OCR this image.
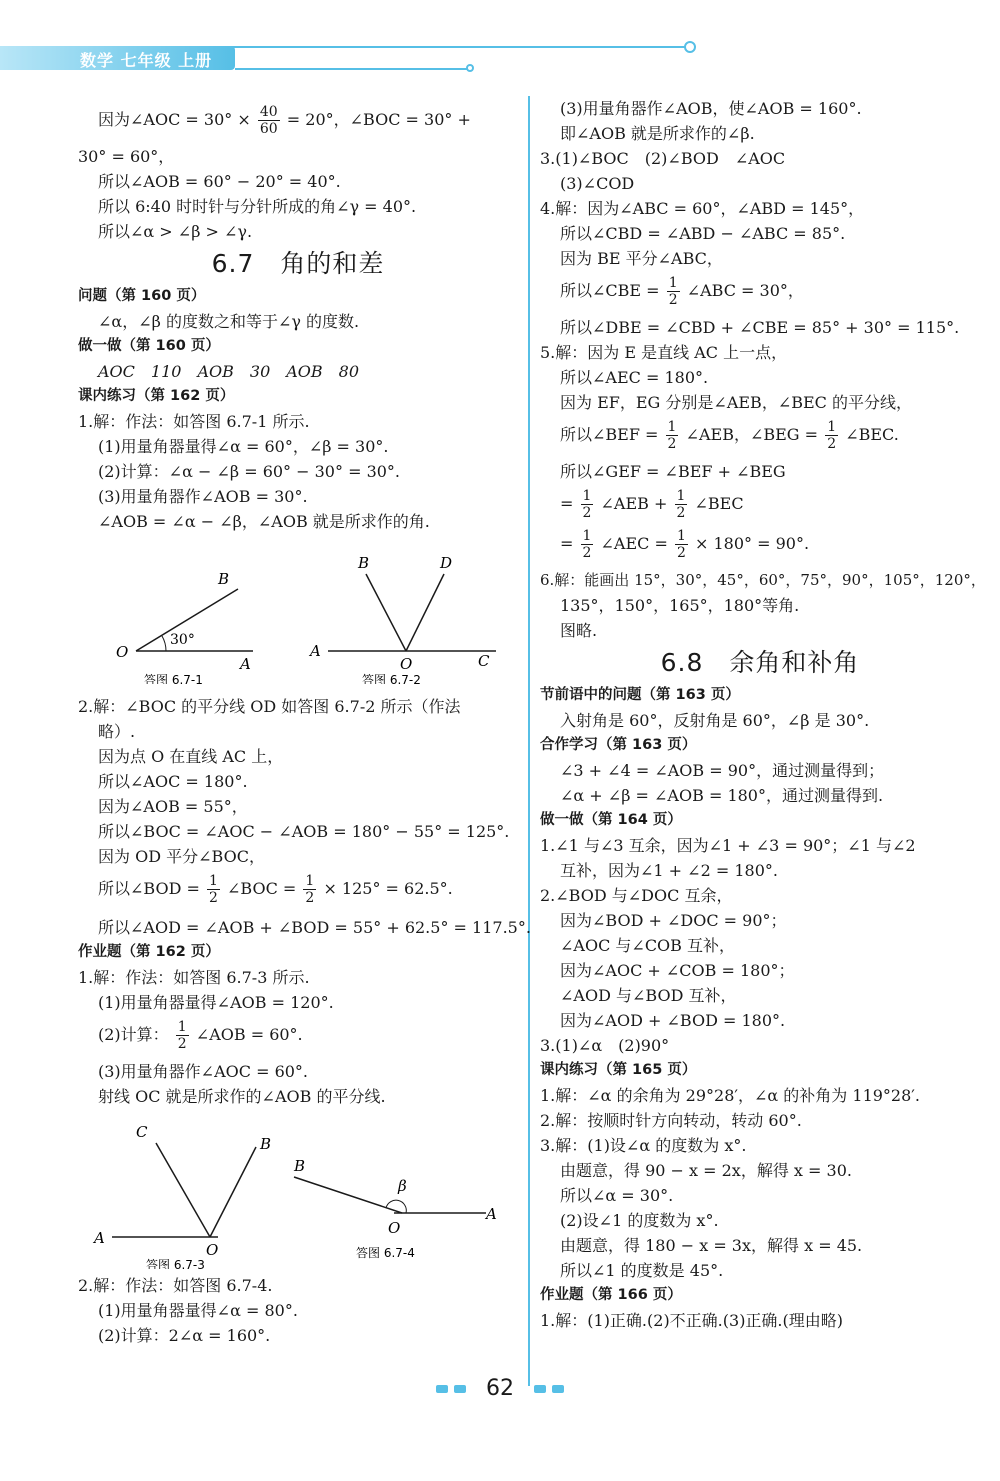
数学 七年级 上册
因为∠AOC = $30^\circ \times \frac{40}{60} = 20^\circ$，∠BOC = 30° +
30° = 60°，
所以∠AOB = 60° − 20° = 40°.
所以 6:40 时时针与分针所成的角∠γ = 40°.
所以∠α > ∠β > ∠γ.
6.7 角的和差
问题（第 160 页）
∠α，∠β 的度数之和等于∠γ 的度数.
做一做（第 160 页）
AOC　110　AOB　30　AOB　80
课内练习（第 162 页）
1.解：作法：如答图 6.7-1 所示.
(1)用量角器量得∠α = 60°，∠β = 30°.
(2)计算：∠α − ∠β = 60° − 30° = 30°.
(3)用量角器作∠AOB = 30°.
∠AOB = ∠α − ∠β，∠AOB 就是所求作的角.
B
O
A
30°
答图 6.7-1
B	D
A
O	C
答图 6.7-2
2.解：∠BOC 的平分线 OD 如答图 6.7-2 所示（作法
略）.
因为点 O 在直线 AC 上，
所以∠AOC = 180°.
因为∠AOB = 55°，
所以∠BOC = ∠AOC − ∠AOB = 180° − 55° = 125°.
因为 OD 平分∠BOC，
所以∠BOD = $\frac{1}{2}$ ∠BOC = $\frac{1}{2} \times 125^\circ = 62.5^\circ$.
所以∠AOD = ∠AOB + ∠BOD = 55° + 62.5° = 117.5°.
作业题（第 162 页）
1.解：作法：如答图 6.7-3 所示.
(1)用量角器量得∠AOB = 120°.
(2)计算： $\frac{1}{2}$ ∠AOB = 60°.
(3)用量角器作∠AOC = 60°.
射线 OC 就是所求作的∠AOB 的平分线.
C
B
A
O
答图 6.7-3
B
β
O
A
答图 6.7-4
2.解：作法：如答图 6.7-4.
(1)用量角器量得∠α = 80°.
(2)计算：2∠α = 160°.
(3)用量角器作∠AOB，使∠AOB = 160°.
即∠AOB 就是所求作的∠β.
3.(1)∠BOC　(2)∠BOD　∠AOC
(3)∠COD
4.解：因为∠ABC = 60°，∠ABD = 145°，
所以∠CBD = ∠ABD − ∠ABC = 85°.
因为 BE 平分∠ABC，
所以∠CBE = $\frac{1}{2}$ ∠ABC = 30°，
所以∠DBE = ∠CBD + ∠CBE = 85° + 30° = 115°.
5.解：因为 E 是直线 AC 上一点，
所以∠AEC = 180°.
因为 EF，EG 分别是∠AEB，∠BEC 的平分线，
所以∠BEF = $\frac{1}{2}$ ∠AEB，∠BEG = $\frac{1}{2}$ ∠BEC.
所以∠GEF = ∠BEF + ∠BEG
= $\frac{1}{2}$ ∠AEB + $\frac{1}{2}$ ∠BEC
= $\frac{1}{2}$ ∠AEC = $\frac{1}{2} \times 180^\circ = 90^\circ$.
6.解：能画出 15°，30°，45°，60°，75°，90°，105°，120°，
135°，150°，165°，180°等角.
图略.
6.8 余角和补角
节前语中的问题（第 163 页）
入射角是 60°，反射角是 60°，∠β 是 30°.
合作学习（第 163 页）
∠3 + ∠4 = ∠AOB = 90°，通过测量得到；
∠α + ∠β = ∠AOB = 180°，通过测量得到.
做一做（第 164 页）
1.∠1 与∠3 互余，因为∠1 + ∠3 = 90°；∠1 与∠2
互补，因为∠1 + ∠2 = 180°.
2.∠BOD 与∠DOC 互余，
因为∠BOD + ∠DOC = 90°；
∠AOC 与∠COB 互补，
因为∠AOC + ∠COB = 180°；
∠AOD 与∠BOD 互补，
因为∠AOD + ∠BOD = 180°.
3.(1)∠α　(2)90°
课内练习（第 165 页）
1.解：∠α 的余角为 29°28′，∠α 的补角为 119°28′.
2.解：按顺时针方向转动，转动 60°.
3.解：(1)设∠α 的度数为 x°.
由题意，得 90 − x = 2x，解得 x = 30.
所以∠α = 30°.
(2)设∠1 的度数为 x°.
由题意，得 180 − x = 3x，解得 x = 45.
所以∠1 的度数是 45°.
作业题（第 166 页）
1.解：(1)正确.(2)不正确.(3)正确.(理由略)
62
